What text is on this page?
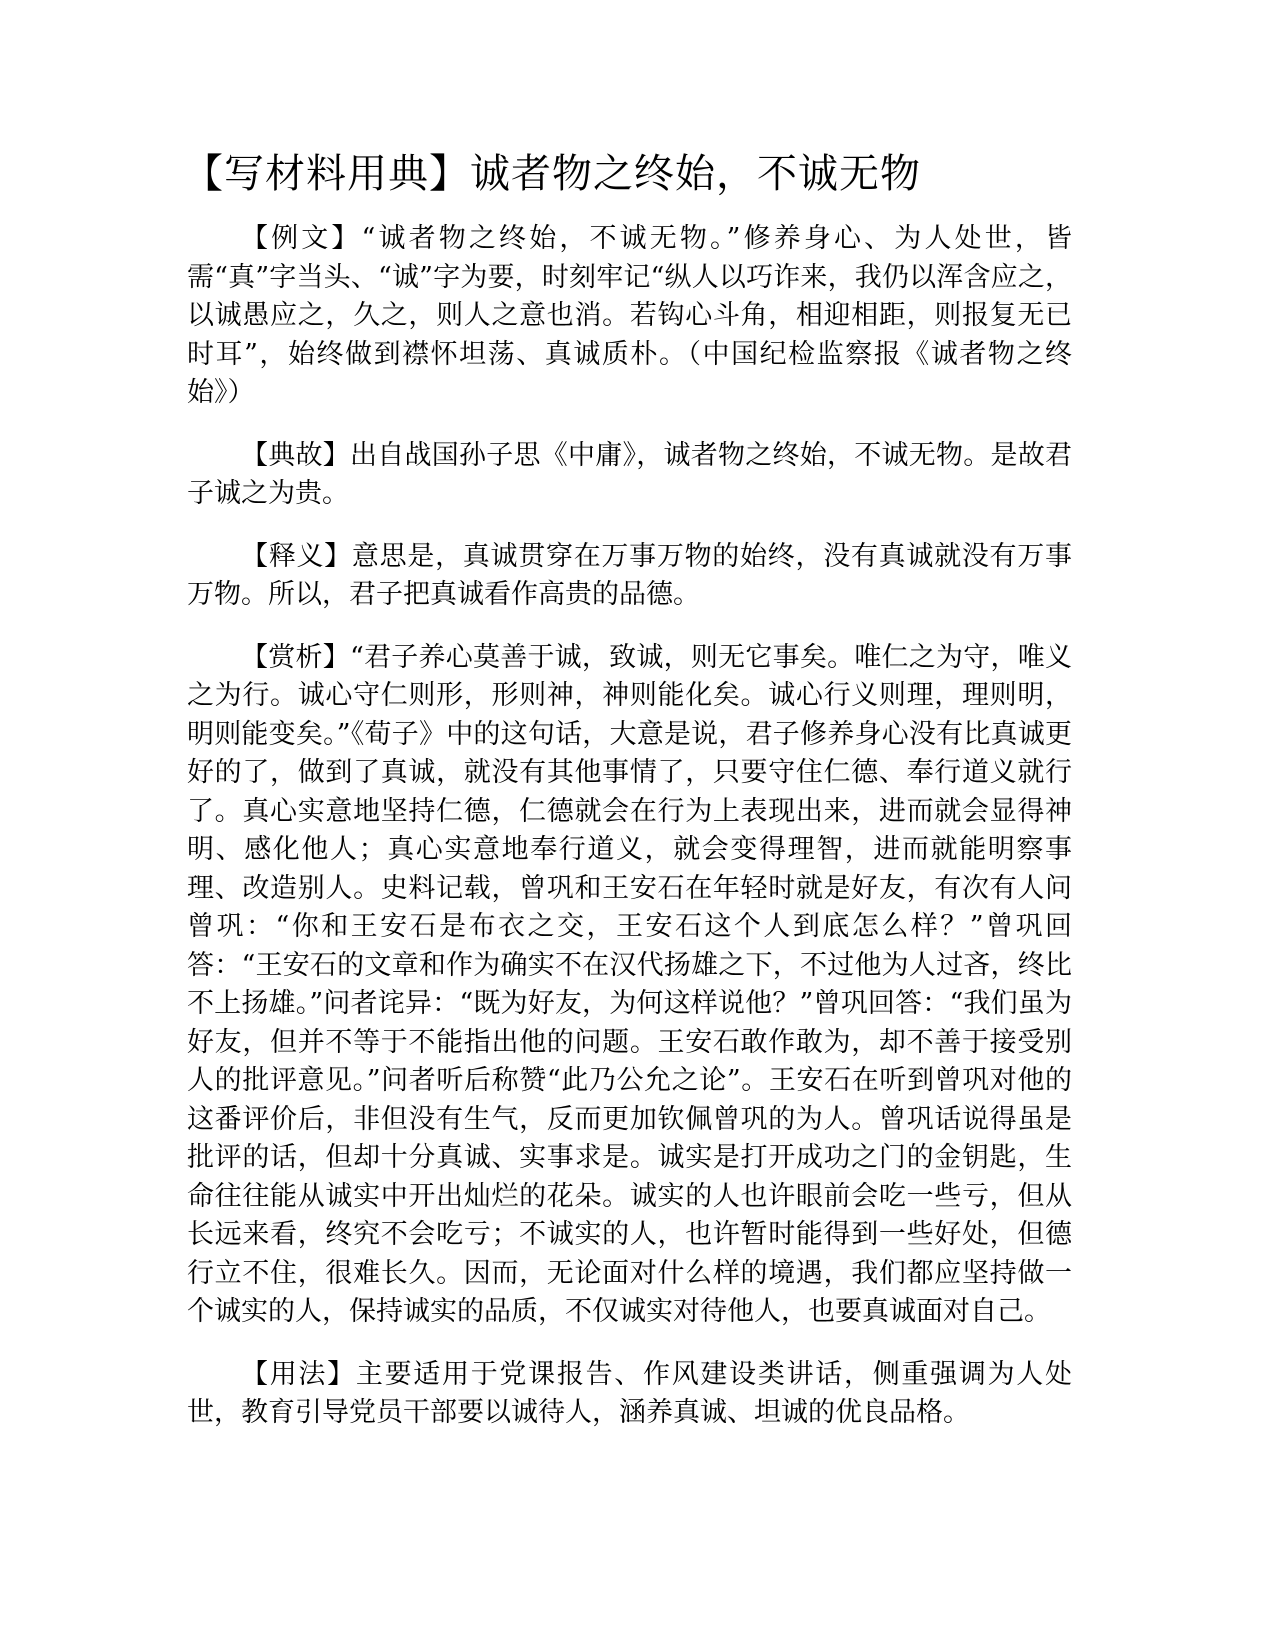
【写材料用典】诚者物之终始，不诚无物

【例文】“诚者物之终始，不诚无物。”修养身心、为人处世，皆需“真”字当头、“诚”字为要，时刻牢记“纵人以巧诈来，我仍以浑含应之，以诚愚应之，久之，则人之意也消。若钩心斗角，相迎相距，则报复无已时耳”，始终做到襟怀坦荡、真诚质朴。（中国纪检监察报《诚者物之终始》）

【典故】出自战国孙子思《中庸》，诚者物之终始，不诚无物。是故君子诚之为贵。

【释义】意思是，真诚贯穿在万事万物的始终，没有真诚就没有万事万物。所以，君子把真诚看作高贵的品德。

【赏析】“君子养心莫善于诚，致诚，则无它事矣。唯仁之为守，唯义之为行。诚心守仁则形，形则神，神则能化矣。诚心行义则理，理则明，明则能变矣。”《荀子》中的这句话，大意是说，君子修养身心没有比真诚更好的了，做到了真诚，就没有其他事情了，只要守住仁德、奉行道义就行了。真心实意地坚持仁德，仁德就会在行为上表现出来，进而就会显得神明、感化他人；真心实意地奉行道义，就会变得理智，进而就能明察事理、改造别人。史料记载，曾巩和王安石在年轻时就是好友，有次有人问曾巩：“你和王安石是布衣之交，王安石这个人到底怎么样？”曾巩回答：“王安石的文章和作为确实不在汉代扬雄之下，不过他为人过吝，终比不上扬雄。”问者诧异：“既为好友，为何这样说他？”曾巩回答：“我们虽为好友，但并不等于不能指出他的问题。王安石敢作敢为，却不善于接受别人的批评意见。”问者听后称赞“此乃公允之论”。王安石在听到曾巩对他的这番评价后，非但没有生气，反而更加钦佩曾巩的为人。曾巩话说得虽是批评的话，但却十分真诚、实事求是。诚实是打开成功之门的金钥匙，生命往往能从诚实中开出灿烂的花朵。诚实的人也许眼前会吃一些亏，但从长远来看，终究不会吃亏；不诚实的人，也许暂时能得到一些好处，但德行立不住，很难长久。因而，无论面对什么样的境遇，我们都应坚持做一个诚实的人，保持诚实的品质，不仅诚实对待他人，也要真诚面对自己。

【用法】主要适用于党课报告、作风建设类讲话，侧重强调为人处世，教育引导党员干部要以诚待人，涵养真诚、坦诚的优良品格。
